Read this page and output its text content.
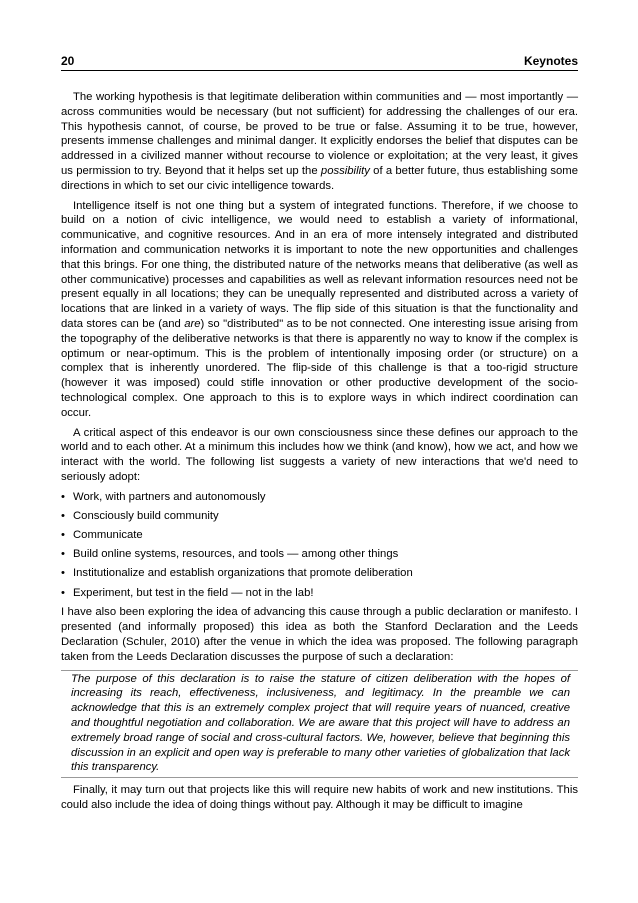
20	Keynotes

The working hypothesis is that legitimate deliberation within communities and — most importantly — across communities would be necessary (but not sufficient) for addressing the challenges of our era. This hypothesis cannot, of course, be proved to be true or false. Assuming it to be true, however, presents immense challenges and minimal danger. It explicitly endorses the belief that disputes can be addressed in a civilized manner without recourse to violence or exploitation; at the very least, it gives us permission to try. Beyond that it helps set up the possibility of a better future, thus establishing some directions in which to set our civic intelligence towards.

Intelligence itself is not one thing but a system of integrated functions. Therefore, if we choose to build on a notion of civic intelligence, we would need to establish a variety of informational, communicative, and cognitive resources. And in an era of more intensely integrated and distributed information and communication networks it is important to note the new opportunities and challenges that this brings. For one thing, the distributed nature of the networks means that deliberative (as well as other communicative) processes and capabilities as well as relevant information resources need not be present equally in all locations; they can be unequally represented and distributed across a variety of locations that are linked in a variety of ways. The flip side of this situation is that the functionality and data stores can be (and are) so "distributed" as to be not connected. One interesting issue arising from the topography of the deliberative networks is that there is apparently no way to know if the complex is optimum or near-optimum. This is the problem of intentionally imposing order (or structure) on a complex that is inherently unordered. The flip-side of this challenge is that a too-rigid structure (however it was imposed) could stifle innovation or other productive development of the socio-technological complex. One approach to this is to explore ways in which indirect coordination can occur.

A critical aspect of this endeavor is our own consciousness since these defines our approach to the world and to each other. At a minimum this includes how we think (and know), how we act, and how we interact with the world. The following list suggests a variety of new interactions that we'd need to seriously adopt:

• Work, with partners and autonomously
• Consciously build community
• Communicate
• Build online systems, resources, and tools — among other things
• Institutionalize and establish organizations that promote deliberation
• Experiment, but test in the field — not in the lab!

I have also been exploring the idea of advancing this cause through a public declaration or manifesto. I presented (and informally proposed) this idea as both the Stanford Declaration and the Leeds Declaration (Schuler, 2010) after the venue in which the idea was proposed. The following paragraph taken from the Leeds Declaration discusses the purpose of such a declaration:

The purpose of this declaration is to raise the stature of citizen deliberation with the hopes of increasing its reach, effectiveness, inclusiveness, and legitimacy. In the preamble we can acknowledge that this is an extremely complex project that will require years of nuanced, creative and thoughtful negotiation and collaboration. We are aware that this project will have to address an extremely broad range of social and cross-cultural factors. We, however, believe that beginning this discussion in an explicit and open way is preferable to many other varieties of globalization that lack this transparency.

Finally, it may turn out that projects like this will require new habits of work and new institutions. This could also include the idea of doing things without pay. Although it may be difficult to imagine
